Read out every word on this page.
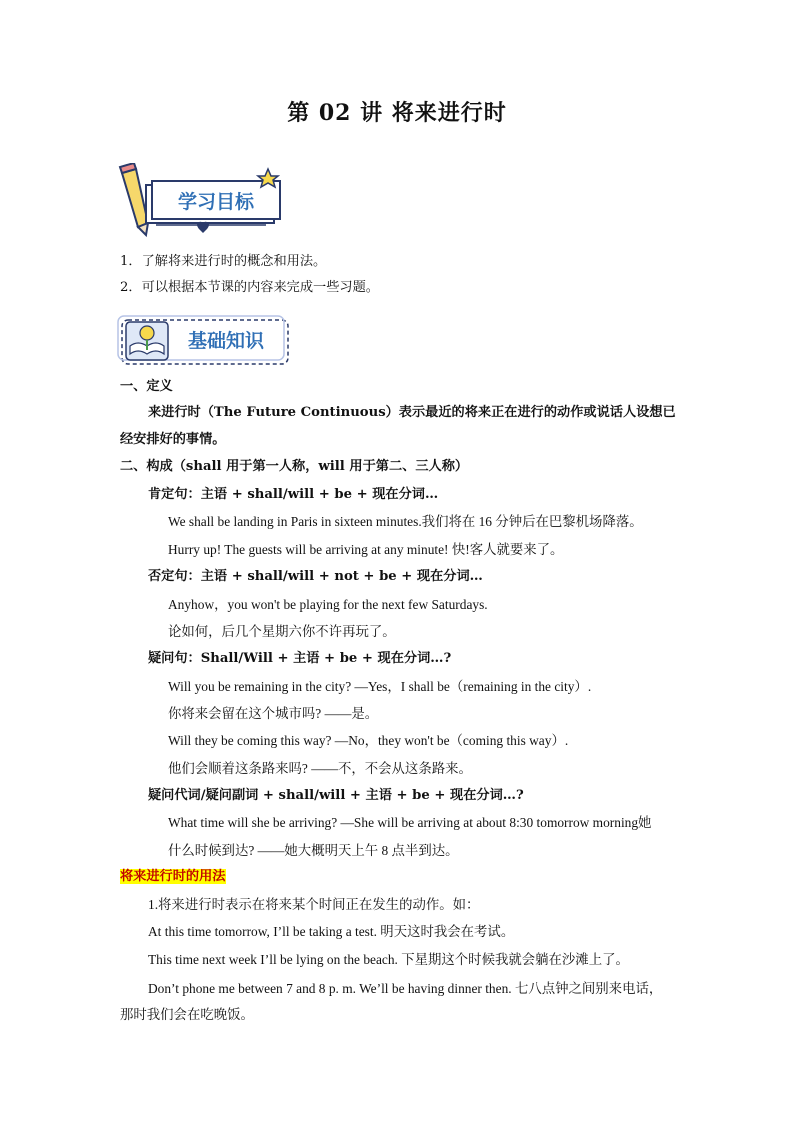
第 02 讲 将来进行时
学习目标
1．了解将来进行时的概念和用法。
2．可以根据本节课的内容来完成一些习题。
基础知识
一、定义
来进行时（The Future Continuous）表示最近的将来正在进行的动作或说话人设想已
经安排好的事情。
二、构成（shall 用于第一人称，will 用于第二、三人称）
肯定句：主语 + shall/will + be + 现在分词…
We shall be landing in Paris in sixteen minutes.我们将在 16 分钟后在巴黎机场降落。
Hurry up! The guests will be arriving at any minute! 快!客人就要来了。
否定句：主语 + shall/will + not + be + 现在分词…
Anyhow，you won't be playing for the next few Saturdays.
论如何，后几个星期六你不许再玩了。
疑问句：Shall/Will + 主语 + be + 现在分词…?
Will you be remaining in the city? —Yes，I shall be（remaining in the city）.
你将来会留在这个城市吗? ——是。
Will they be coming this way? —No，they won't be（coming this way）.
他们会顺着这条路来吗? ——不，不会从这条路来。
疑问代词/疑问副词 + shall/will + 主语 + be + 现在分词…?
What time will she be arriving? —She will be arriving at about 8:30 tomorrow morning她
什么时候到达? ——她大概明天上午 8 点半到达。
将来进行时的用法
1.将来进行时表示在将来某个时间正在发生的动作。如：
At this time tomorrow, I’ll be taking a test. 明天这时我会在考试。
This time next week I’ll be lying on the beach. 下星期这个时候我就会躺在沙滩上了。
Don’t phone me between 7 and 8 p. m. We’ll be having dinner then. 七八点钟之间别来电话，
那时我们会在吃晚饭。
